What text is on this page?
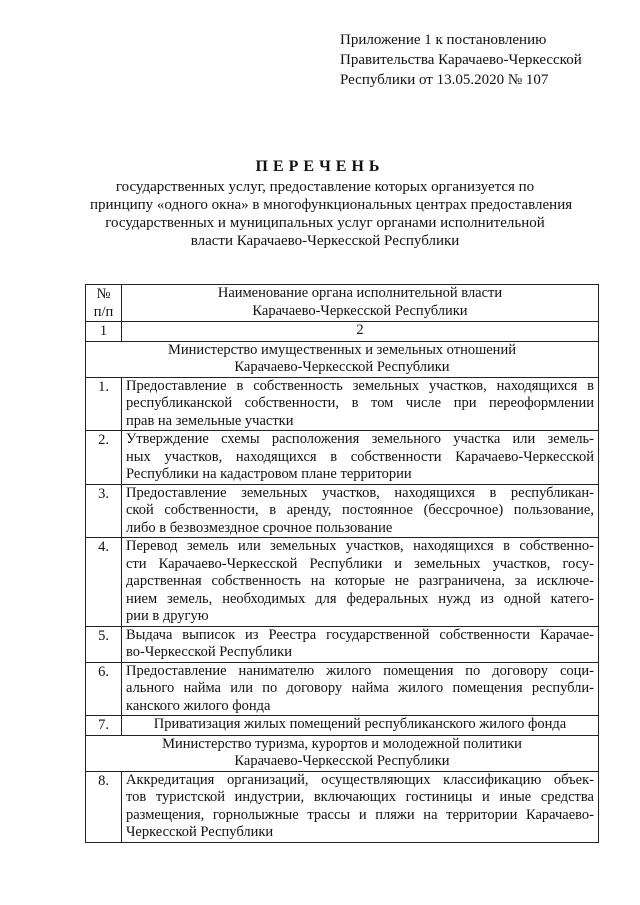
Приложение 1 к постановлению
Правительства Карачаево-Черкесской
Республики от 13.05.2020 № 107
ПЕРЕЧЕНЬ
государственных услуг, предоставление которых организуется по
принципу «одного окна» в многофункциональных центрах предоставления
государственных и муниципальных услуг органами исполнительной
власти Карачаево-Черкесской Республики
№
п/п	Наименование органа исполнительной власти
Карачаево-Черкесской Республики

1	2

Министерство имущественных и земельных отношений
Карачаево-Черкесской Республики	

1.	Предоставление в собственность земельных участков, находящихся в
республиканской собственности, в том числе при переоформлении
прав на земельные участки

2.	Утверждение схемы расположения земельного участка или земель-
ных участков, находящихся в собственности Карачаево-Черкесской
Республики на кадастровом плане территории

3.	Предоставление земельных участков, находящихся в республикан-
ской собственности, в аренду, постоянное (бессрочное) пользование,
либо в безвозмездное срочное пользование

4.	Перевод земель или земельных участков, находящихся в собственно-
сти Карачаево-Черкесской Республики и земельных участков, госу-
дарственная собственность на которые не разграничена, за исключе-
нием земель, необходимых для федеральных нужд из одной катего-
рии в другую

5.	Выдача выписок из Реестра государственной собственности Карачае-
во-Черкесской Республики

6.	Предоставление нанимателю жилого помещения по договору соци-
ального найма или по договору найма жилого помещения республи-
канского жилого фонда

7.	Приватизация жилых помещений республиканского жилого фонда

Министерство туризма, курортов и молодежной политики
Карачаево-Черкесской Республики	

8.	Аккредитация организаций, осуществляющих классификацию объек-
тов туристской индустрии, включающих гостиницы и иные средства
размещения, горнолыжные трассы и пляжи на территории Карачаево-
Черкесской Республики
